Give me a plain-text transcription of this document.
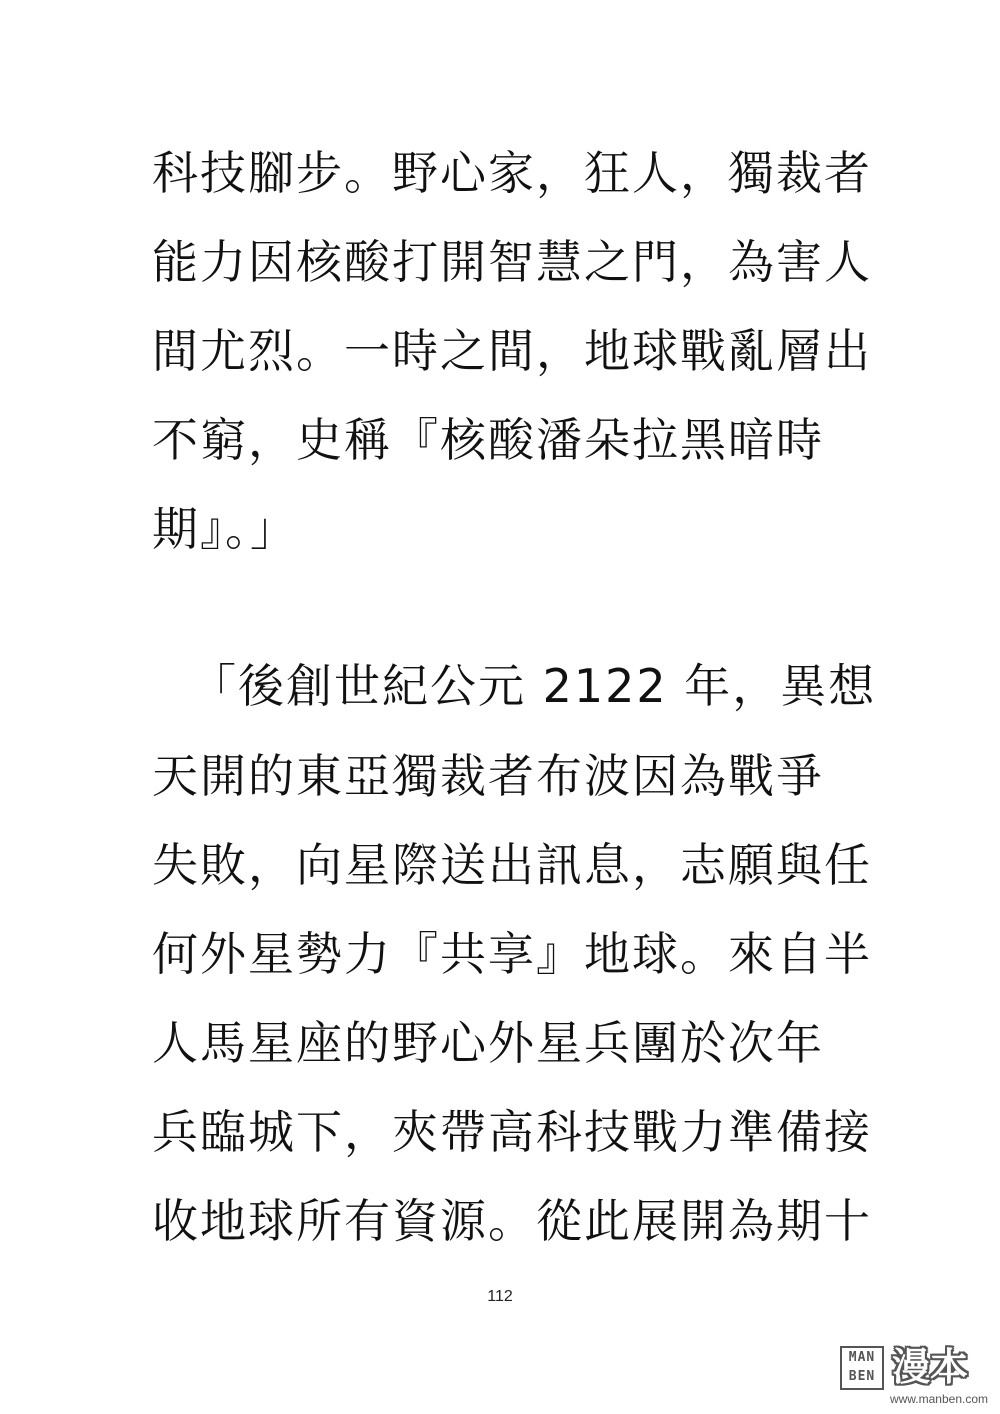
科技腳步。野心家，狂人，獨裁者
能力因核酸打開智慧之門，為害人
間尤烈。一時之間，地球戰亂層出
不窮，史稱『核酸潘朵拉黑暗時
期』。」
「後創世紀公元 2122 年，異想
天開的東亞獨裁者布波因為戰爭
失敗，向星際送出訊息，志願與任
何外星勢力『共享』地球。來自半
人馬星座的野心外星兵團於次年
兵臨城下，夾帶高科技戰力準備接
收地球所有資源。從此展開為期十
112
MAN BEN 漫本
www.manben.com
